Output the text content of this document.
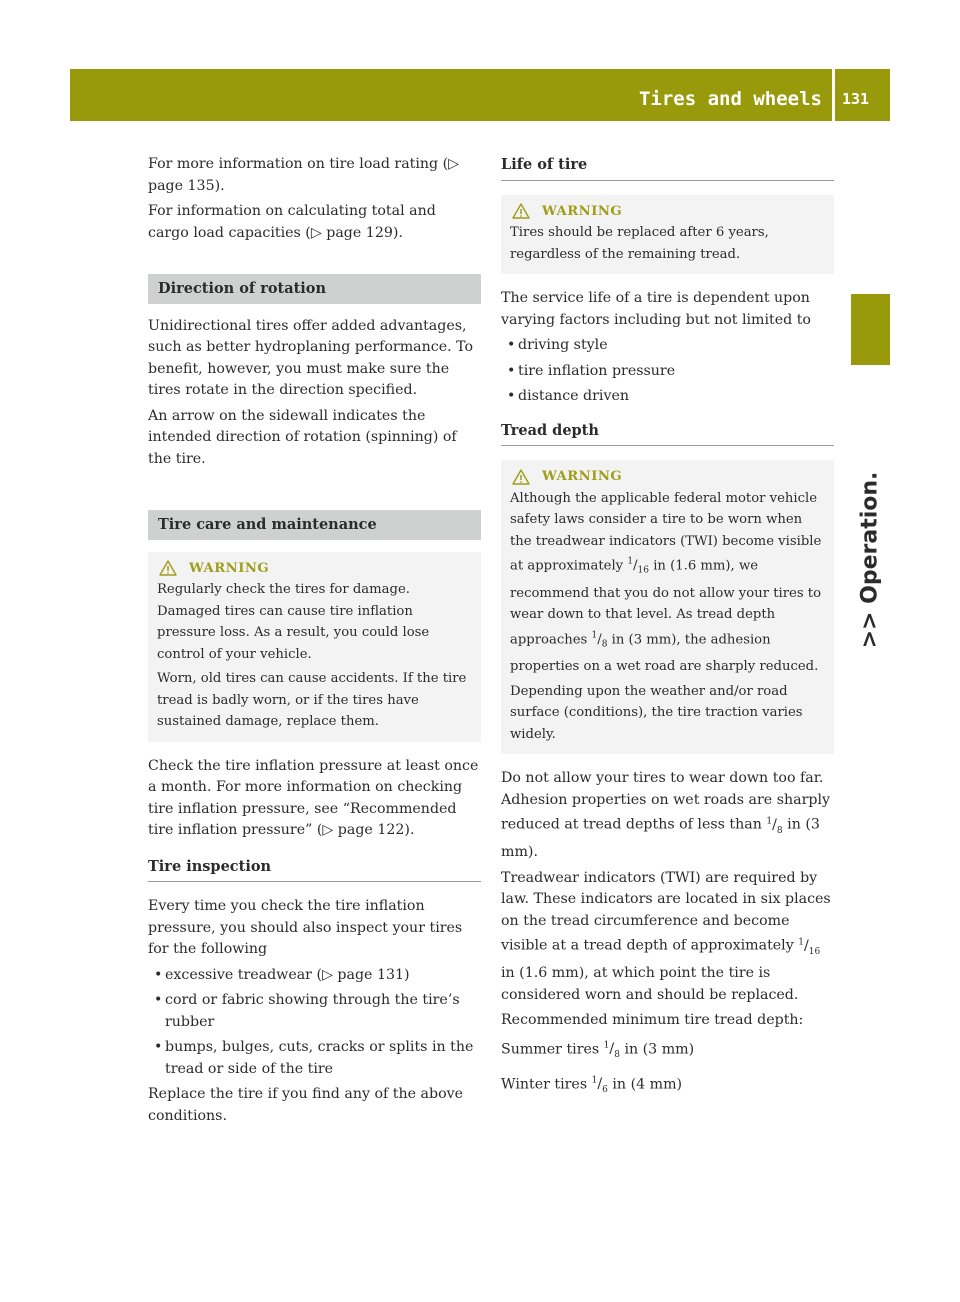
Tires and wheels 131
>> Operation.

For more information on tire load rating (▷ page 135).

For information on calculating total and cargo load capacities (▷ page 129).

Direction of rotation

Unidirectional tires offer added advantages, such as better hydroplaning performance. To benefit, however, you must make sure the tires rotate in the direction specified.

An arrow on the sidewall indicates the intended direction of rotation (spinning) of the tire.

Tire care and maintenance
WARNING

Regularly check the tires for damage. Damaged tires can cause tire inflation pressure loss. As a result, you could lose control of your vehicle.

Worn, old tires can cause accidents. If the tire tread is badly worn, or if the tires have sustained damage, replace them.

Check the tire inflation pressure at least once a month. For more information on checking tire inflation pressure, see “Recommended tire inflation pressure” (▷ page 122).

Tire inspection

Every time you check the tire inflation pressure, you should also inspect your tires for the following

• excessive treadwear (▷ page 131)
• cord or fabric showing through the tire’s rubber
• bumps, bulges, cuts, cracks or splits in the tread or side of the tire

Replace the tire if you find any of the above conditions.

Life of tire
WARNING

Tires should be replaced after 6 years, regardless of the remaining tread.

The service life of a tire is dependent upon varying factors including but not limited to

• driving style
• tire inflation pressure
• distance driven
Tread depth
WARNING

Although the applicable federal motor vehicle safety laws consider a tire to be worn when the treadwear indicators (TWI) become visible at approximately $^1/_{16}$ in (1.6 mm), we recommend that you do not allow your tires to wear down to that level. As tread depth approaches $^1/_8$ in (3 mm), the adhesion properties on a wet road are sharply reduced.

Depending upon the weather and/or road surface (conditions), the tire traction varies widely.

Do not allow your tires to wear down too far. Adhesion properties on wet roads are sharply reduced at tread depths of less than $^1/_8$ in (3 mm).

Treadwear indicators (TWI) are required by law. These indicators are located in six places on the tread circumference and become visible at a tread depth of approximately $^1/_{16}$ in (1.6 mm), at which point the tire is considered worn and should be replaced.

Recommended minimum tire tread depth:

Summer tires $^1/_8$ in (3 mm)

Winter tires $^1/_6$ in (4 mm)
